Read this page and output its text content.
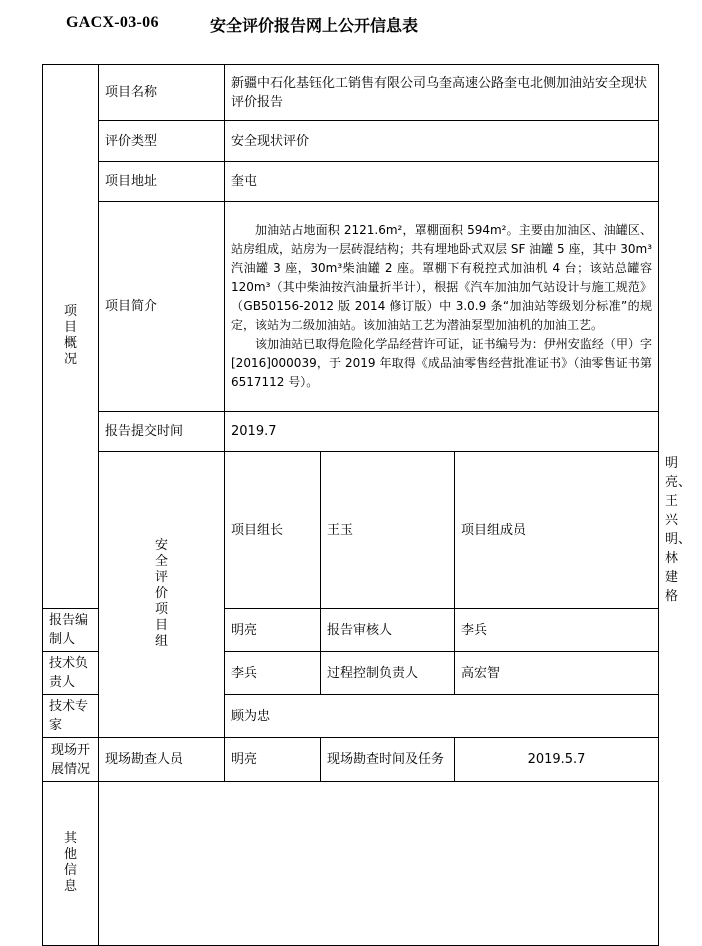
GACX-03-06	安全评价报告网上公开信息表
项目概况	项目名称	新疆中石化基钰化工销售有限公司乌奎高速公路奎屯北侧加油站安全现状评价报告			
	评价类型	安全现状评价			
	项目地址	奎屯			
	项目简介	加油站占地面积 2121.6m²，罩棚面积 594m²。主要由加油区、油罐区、站房组成，站房为一层砖混结构；共有埋地卧式双层 SF 油罐 5 座，其中 30m³汽油罐 3 座，30m³柴油罐 2 座。罩棚下有税控式加油机 4 台；该站总罐容 120m³（其中柴油按汽油量折半计），根据《汽车加油加气站设计与施工规范》（GB50156-2012 版 2014 修订版）中 3.0.9 条“加油站等级划分标准”的规定，该站为二级加油站。该加油站工艺为潜油泵型加油机的加油工艺。

该加油站已取得危险化学品经营许可证，证书编号为：伊州安监经（甲）字[2016]000039，于 2019 年取得《成品油零售经营批准证书》（油零售证书第 6517112 号）。			

	报告提交时间	2019.7			
	安全评价项目组	项目组长	王玉	项目组成员	明亮、王兴明、林建格
报告编制人		明亮	报告审核人	李兵	
技术负责人		李兵	过程控制负责人	高宏智	
技术专家		顾为忠			
现场开展情况	现场勘查人员	明亮	现场勘查时间及任务	2019.5.7	
其他信息					
